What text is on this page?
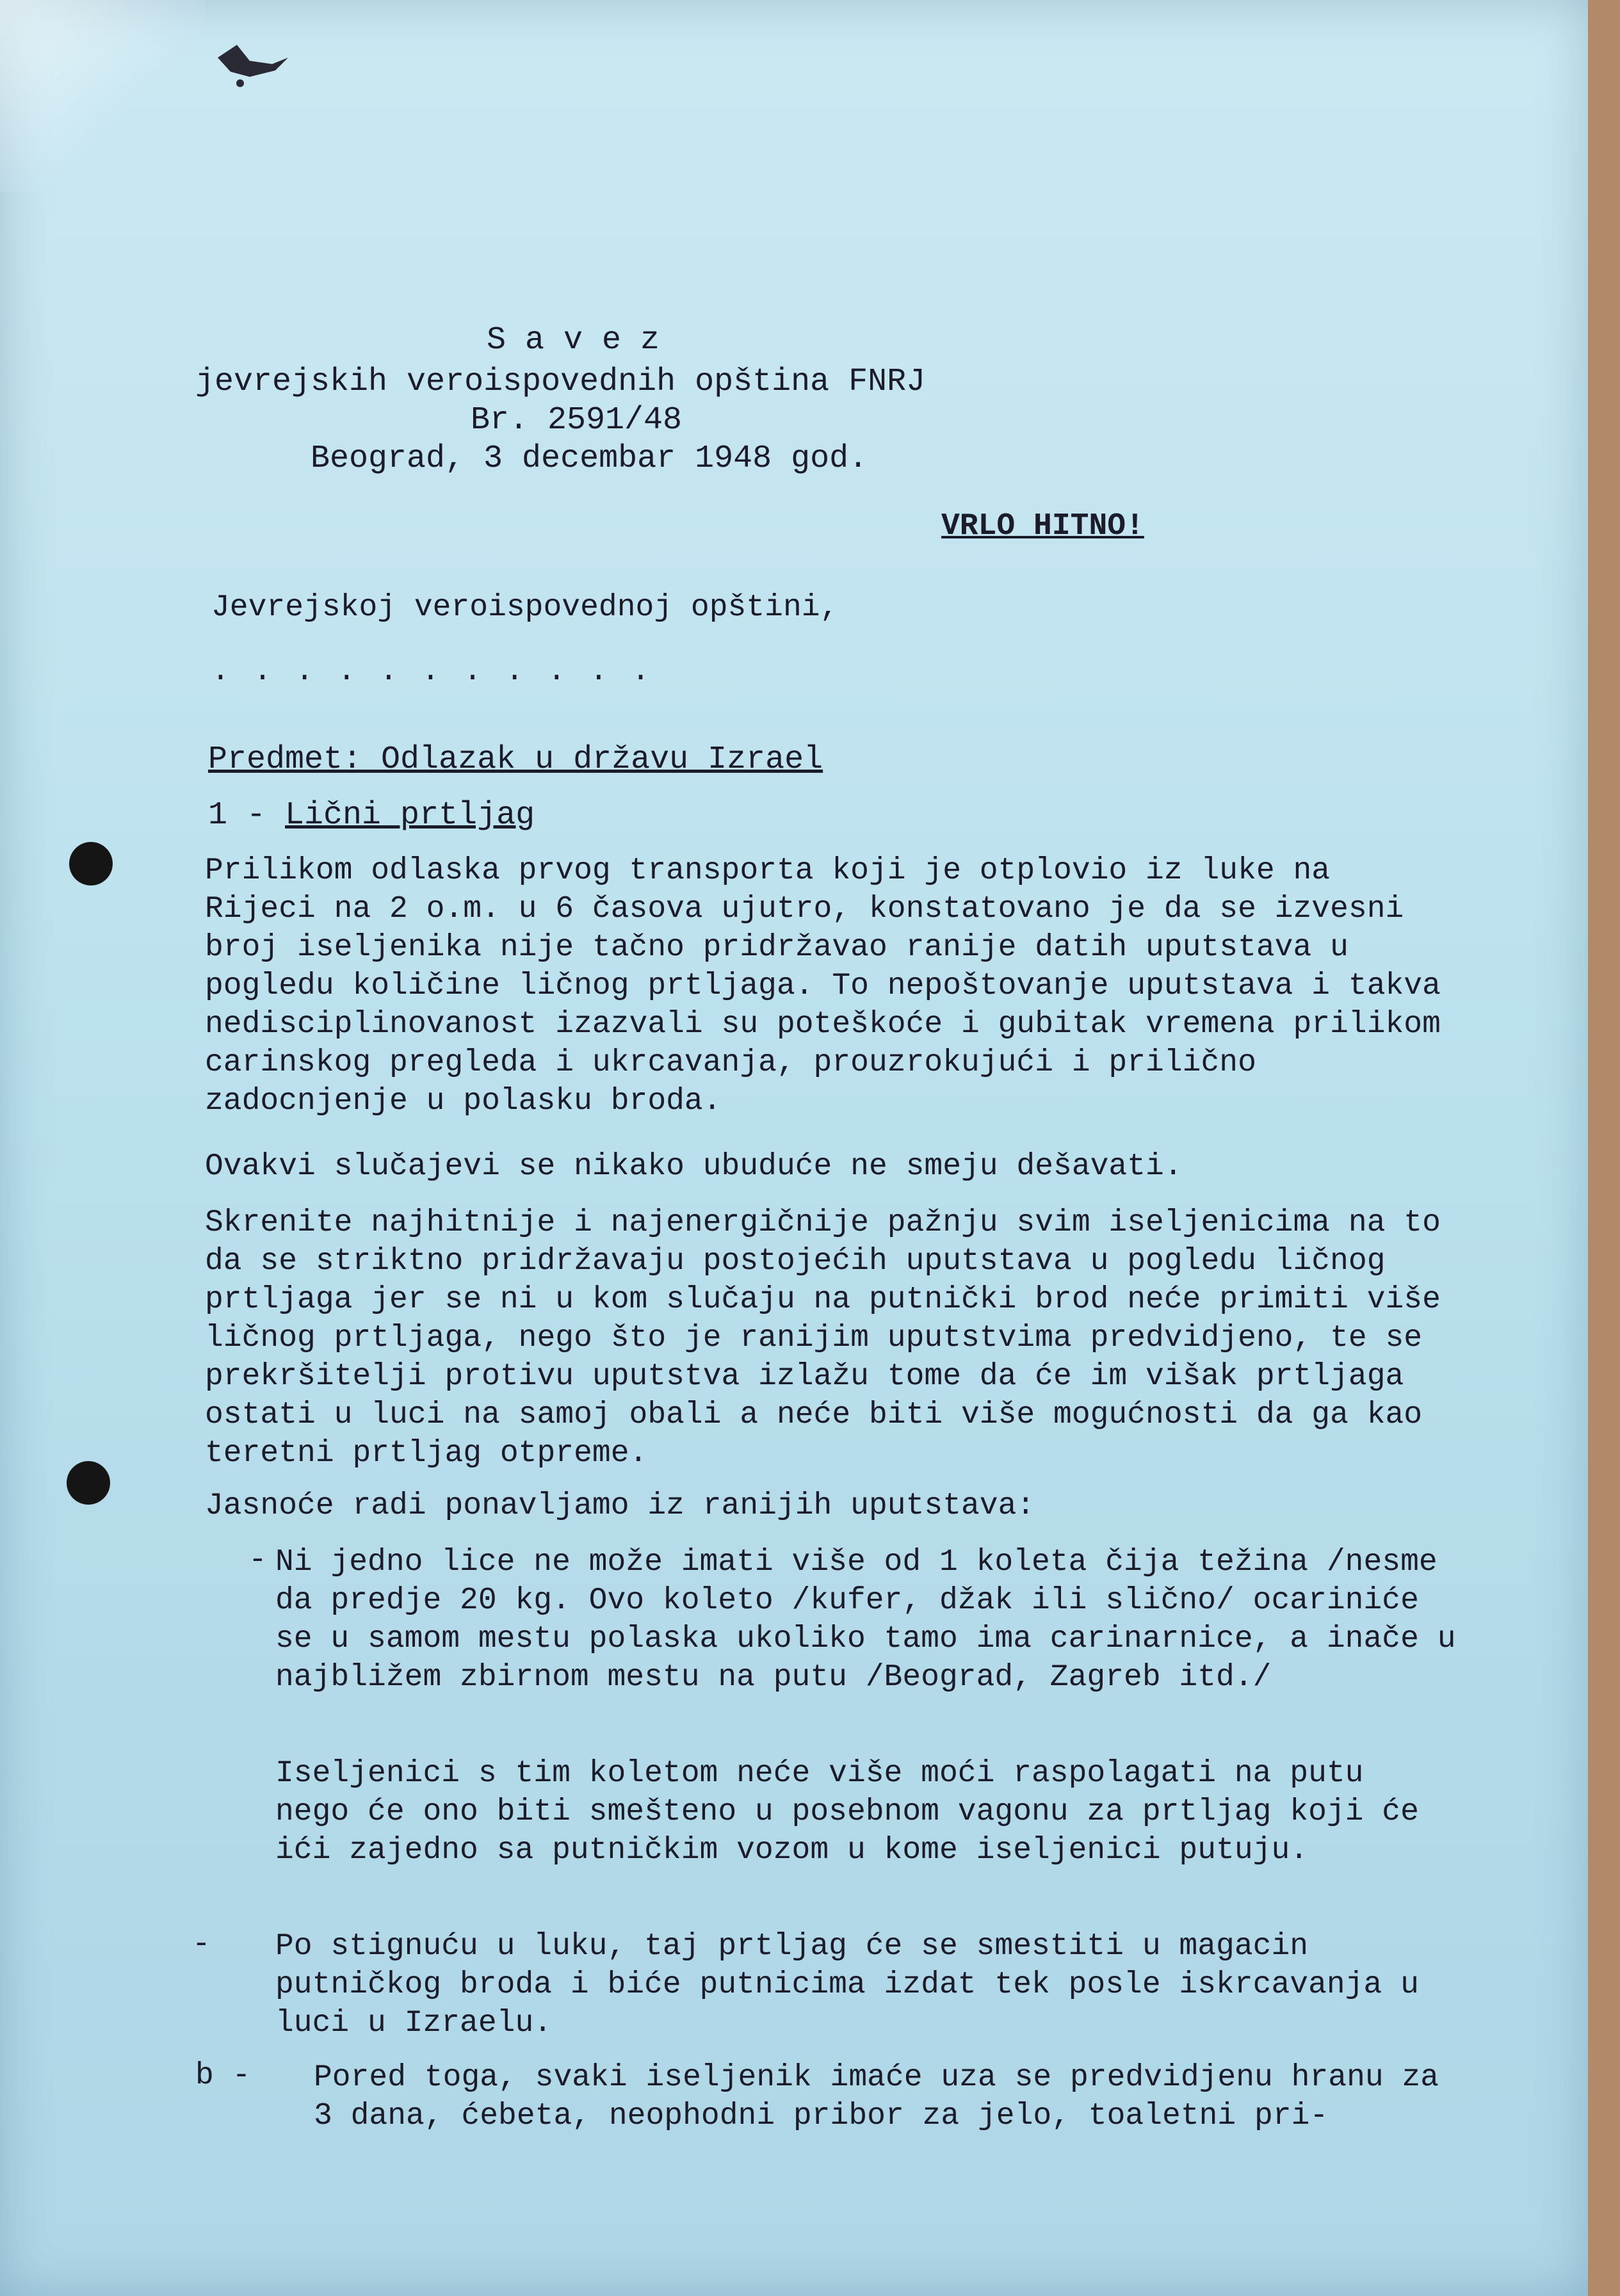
S a v e z
jevrejskih veroispovednih opština FNRJ
Br. 2591/48
Beograd, 3 decembar 1948 god.
VRLO HITNO!
Jevrejskoj veroispovednoj opštini,
. . . . . . . . . . .
Predmet: Odlazak u državu Izrael
1 - Lični prtljag
Prilikom odlaska prvog transporta koji je otplovio iz luke na Rijeci na 2 o.m. u 6 časova ujutro, konstatovano je da se izvesni broj iseljenika nije tačno pridržavao ranije datih uputstava u pogledu količine ličnog prtljaga. To nepoštovanje uputstava i takva nedisciplinovanost izazvali su poteškoće i gubitak vremena prilikom carinskog pregleda i ukrcavanja, prouzrokujući i prilično zadocnjenje u polasku broda.
Ovakvi slučajevi se nikako ubuduće ne smeju dešavati.
Skrenite najhitnije i najenergičnije pažnju svim iseljenicima na to da se striktno pridržavaju postojećih uputstava u pogledu ličnog prtljaga jer se ni u kom slučaju na putnički brod neće primiti više ličnog prtljaga, nego što je ranijim uputstvima predvidjeno, te se prekršitelji protivu uputstva izlažu tome da će im višak prtljaga ostati u luci na samoj obali a neće biti više mogućnosti da ga kao teretni prtljag otpreme.
Jasnoće radi ponavljamo iz ranijih uputstava:
- Ni jedno lice ne može imati više od 1 koleta čija težina /nesme da predje 20 kg. Ovo koleto /kufer, džak ili slično/ ocariniće se u samom mestu polaska ukoliko tamo ima carinarnice, a inače u najbližem zbirnom mestu na putu /Beograd, Zagreb itd./
Iseljenici s tim koletom neće više moći raspolagati na putu nego će ono biti smešteno u posebnom vagonu za prtljag koji će ići zajedno sa putničkim vozom u kome iseljenici putuju.
- Po stignuću u luku, taj prtljag će se smestiti u magacin putničkog broda i biće putnicima izdat tek posle iskrcavanja u luci u Izraelu.
b - Pored toga, svaki iseljenik imaće uza se predvidjenu hranu za 3 dana, ćebeta, neophodni pribor za jelo, toaletni pri-
